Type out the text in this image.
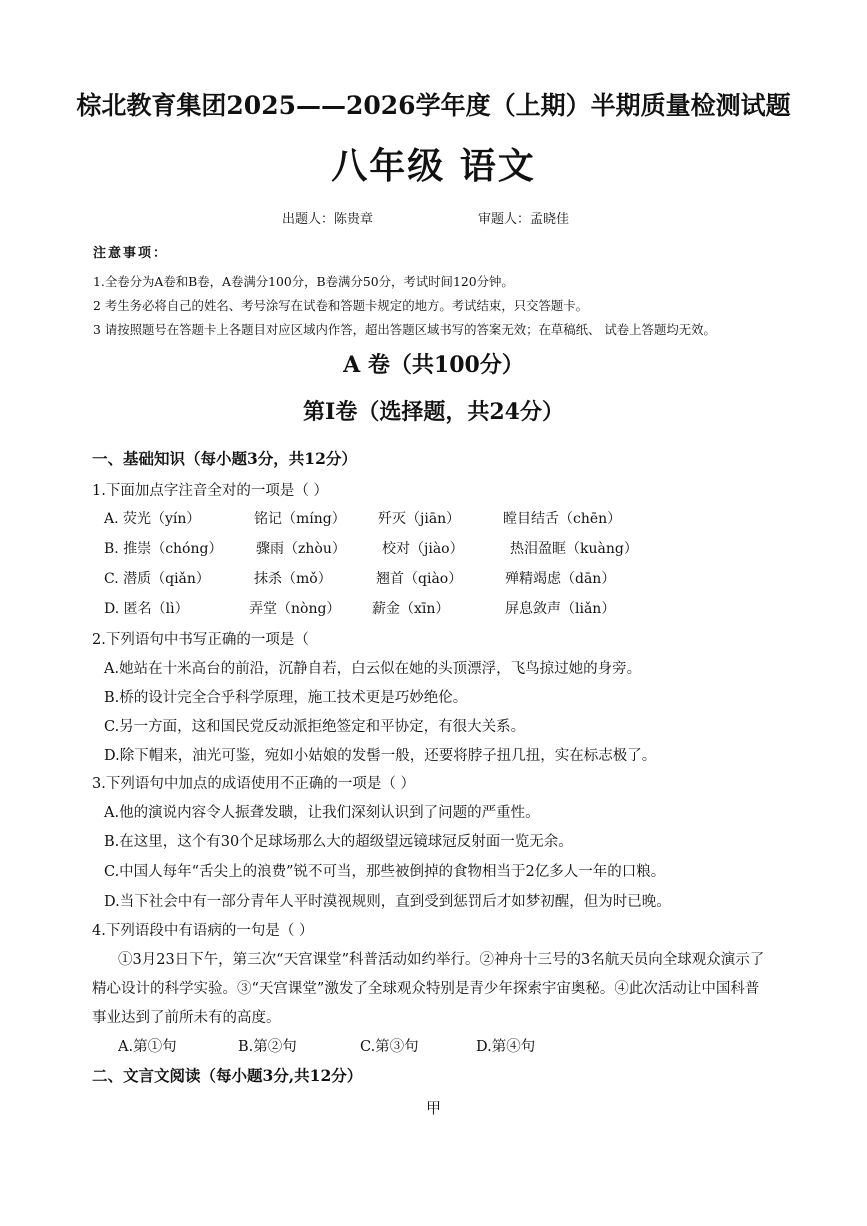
棕北教育集团2025——2026学年度（上期）半期质量检测试题
八年级 语文
出题人：陈贵章	审题人：孟晓佳
注意事项：
1.全卷分为A卷和B卷，A卷满分100分，B卷满分50分，考试时间120分钟。
2 考生务必将自己的姓名、考号涂写在试卷和答题卡规定的地方。考试结束，只交答题卡。
3 请按照题号在答题卡上各题目对应区域内作答，超出答题区域书写的答案无效；在草稿纸、 试卷上答题均无效。
A 卷（共100分）
第Ⅰ卷（选择题，共24分）
一、基础知识（每小题3分，共12分）
1.下面加点字注音全对的一项是（ ）
A. 荧光（yín）	铭记（míng） 歼灭（jiān）	瞠目结舌（chēn）
B. 推崇（chóng） 骤雨（zhòu）	校对（jiào）	热泪盈眶（kuàng）
C. 潜质（qiǎn）	抹杀（mǒ）	翘首（qiào）	殚精竭虑（dān）
D. 匿名（lì）	弄堂（nòng） 薪金（xīn）	屏息敛声（liǎn）
2.下列语句中书写正确的一项是（
A.她站在十米高台的前沿，沉静自若，白云似在她的头顶漂浮，飞鸟掠过她的身旁。
B.桥的设计完全合乎科学原理，施工技术更是巧妙绝伦。
C.另一方面，这和国民党反动派拒绝签定和平协定，有很大关系。
D.除下帽来，油光可鉴，宛如小姑娘的发髻一般，还要将脖子扭几扭，实在标志极了。
3.下列语句中加点的成语使用不正确的一项是（ ）
A.他的演说内容令人振聋发聩，让我们深刻认识到了问题的严重性。
B.在这里，这个有30个足球场那么大的超级望远镜球冠反射面一览无余。
C.中国人每年“舌尖上的浪费”锐不可当，那些被倒掉的食物相当于2亿多人一年的口粮。
D.当下社会中有一部分青年人平时漠视规则，直到受到惩罚后才如梦初醒，但为时已晚。
4.下列语段中有语病的一句是（ ）
①3月23日下午，第三次“天宫课堂”科普活动如约举行。②神舟十三号的3名航天员向全球观众演示了
精心设计的科学实验。③“天宫课堂”激发了全球观众特别是青少年探索宇宙奥秘。④此次活动让中国科普
事业达到了前所未有的高度。
A.第①句	B.第②句	C.第③句	D.第④句
二、文言文阅读（每小题3分,共12分）
甲
